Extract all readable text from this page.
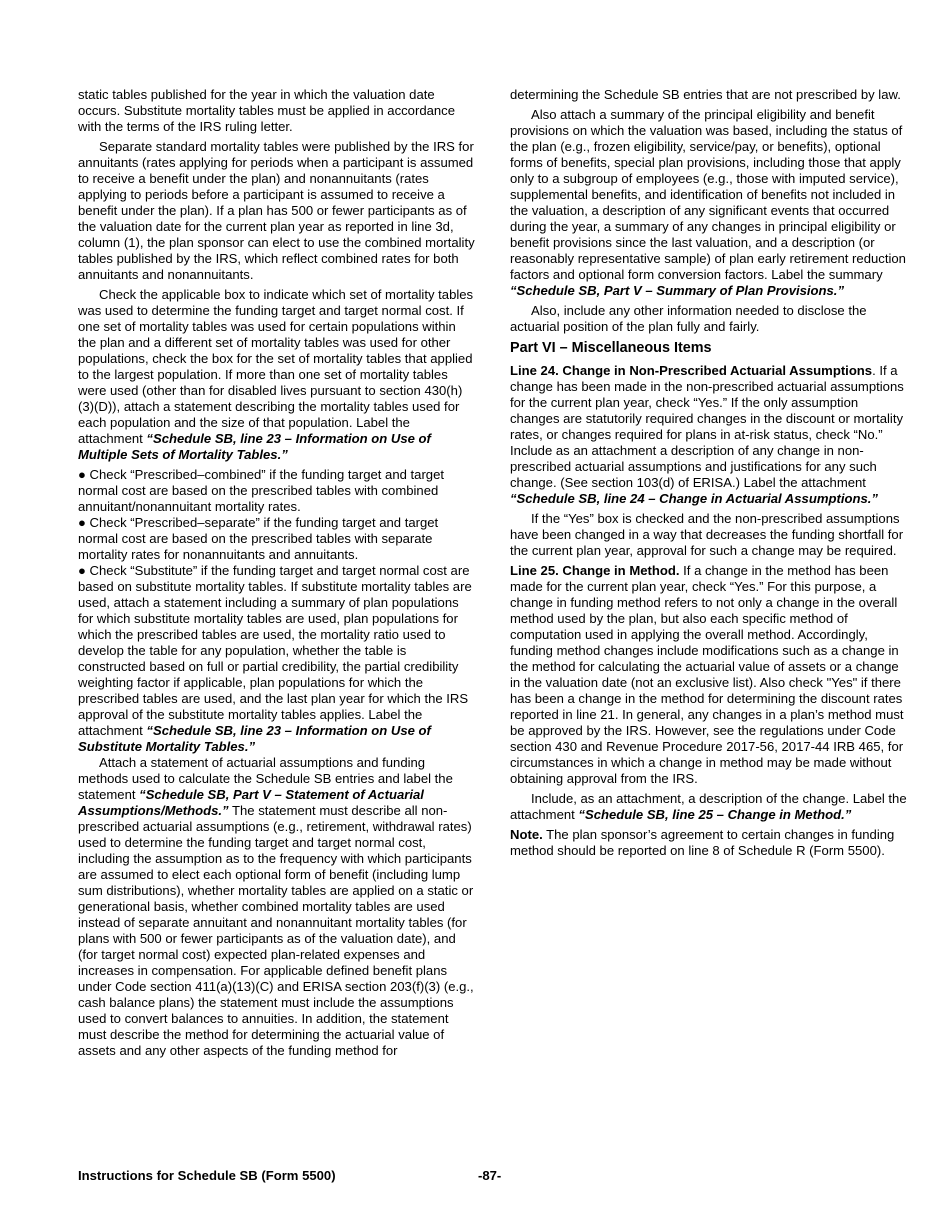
static tables published for the year in which the valuation date occurs. Substitute mortality tables must be applied in accordance with the terms of the IRS ruling letter.

Separate standard mortality tables were published by the IRS for annuitants (rates applying for periods when a participant is assumed to receive a benefit under the plan) and nonannuitants (rates applying to periods before a participant is assumed to receive a benefit under the plan). If a plan has 500 or fewer participants as of the valuation date for the current plan year as reported in line 3d, column (1), the plan sponsor can elect to use the combined mortality tables published by the IRS, which reflect combined rates for both annuitants and nonannuitants.

Check the applicable box to indicate which set of mortality tables was used to determine the funding target and target normal cost. If one set of mortality tables was used for certain populations within the plan and a different set of mortality tables was used for other populations, check the box for the set of mortality tables that applied to the largest population. If more than one set of mortality tables were used (other than for disabled lives pursuant to section 430(h)(3)(D)), attach a statement describing the mortality tables used for each population and the size of that population. Label the attachment “Schedule SB, line 23 – Information on Use of Multiple Sets of Mortality Tables.”

● Check “Prescribed–combined” if the funding target and target normal cost are based on the prescribed tables with combined annuitant/nonannuitant mortality rates.

● Check “Prescribed–separate” if the funding target and target normal cost are based on the prescribed tables with separate mortality rates for nonannuitants and annuitants.

● Check “Substitute” if the funding target and target normal cost are based on substitute mortality tables. If substitute mortality tables are used, attach a statement including a summary of plan populations for which substitute mortality tables are used, plan populations for which the prescribed tables are used, the mortality ratio used to develop the table for any population, whether the table is constructed based on full or partial credibility, the partial credibility weighting factor if applicable, plan populations for which the prescribed tables are used, and the last plan year for which the IRS approval of the substitute mortality tables applies. Label the attachment “Schedule SB, line 23 – Information on Use of Substitute Mortality Tables.”

Attach a statement of actuarial assumptions and funding methods used to calculate the Schedule SB entries and label the statement “Schedule SB, Part V – Statement of Actuarial Assumptions/Methods.” The statement must describe all non-prescribed actuarial assumptions (e.g., retirement, withdrawal rates) used to determine the funding target and target normal cost, including the assumption as to the frequency with which participants are assumed to elect each optional form of benefit (including lump sum distributions), whether mortality tables are applied on a static or generational basis, whether combined mortality tables are used instead of separate annuitant and nonannuitant mortality tables (for plans with 500 or fewer participants as of the valuation date), and (for target normal cost) expected plan-related expenses and increases in compensation. For applicable defined benefit plans under Code section 411(a)(13)(C) and ERISA section 203(f)(3) (e.g., cash balance plans) the statement must include the assumptions used to convert balances to annuities. In addition, the statement must describe the method for determining the actuarial value of assets and any other aspects of the funding method for

determining the Schedule SB entries that are not prescribed by law.

Also attach a summary of the principal eligibility and benefit provisions on which the valuation was based, including the status of the plan (e.g., frozen eligibility, service/pay, or benefits), optional forms of benefits, special plan provisions, including those that apply only to a subgroup of employees (e.g., those with imputed service), supplemental benefits, and identification of benefits not included in the valuation, a description of any significant events that occurred during the year, a summary of any changes in principal eligibility or benefit provisions since the last valuation, and a description (or reasonably representative sample) of plan early retirement reduction factors and optional form conversion factors. Label the summary “Schedule SB, Part V – Summary of Plan Provisions.”

Also, include any other information needed to disclose the actuarial position of the plan fully and fairly.

Part VI – Miscellaneous Items

Line 24. Change in Non-Prescribed Actuarial Assumptions. If a change has been made in the non-prescribed actuarial assumptions for the current plan year, check “Yes.” If the only assumption changes are statutorily required changes in the discount or mortality rates, or changes required for plans in at-risk status, check “No.” Include as an attachment a description of any change in non-prescribed actuarial assumptions and justifications for any such change. (See section 103(d) of ERISA.) Label the attachment “Schedule SB, line 24 – Change in Actuarial Assumptions.”

If the “Yes” box is checked and the non-prescribed assumptions have been changed in a way that decreases the funding shortfall for the current plan year, approval for such a change may be required.

Line 25. Change in Method. If a change in the method has been made for the current plan year, check “Yes.” For this purpose, a change in funding method refers to not only a change in the overall method used by the plan, but also each specific method of computation used in applying the overall method. Accordingly, funding method changes include modifications such as a change in the method for calculating the actuarial value of assets or a change in the valuation date (not an exclusive list). Also check "Yes" if there has been a change in the method for determining the discount rates reported in line 21. In general, any changes in a plan’s method must be approved by the IRS. However, see the regulations under Code section 430 and Revenue Procedure 2017-56, 2017-44 IRB 465, for circumstances in which a change in method may be made without obtaining approval from the IRS.

Include, as an attachment, a description of the change. Label the attachment “Schedule SB, line 25 – Change in Method.”

Note. The plan sponsor’s agreement to certain changes in funding method should be reported on line 8 of Schedule R (Form 5500).

Instructions for Schedule SB (Form 5500)	-87-
